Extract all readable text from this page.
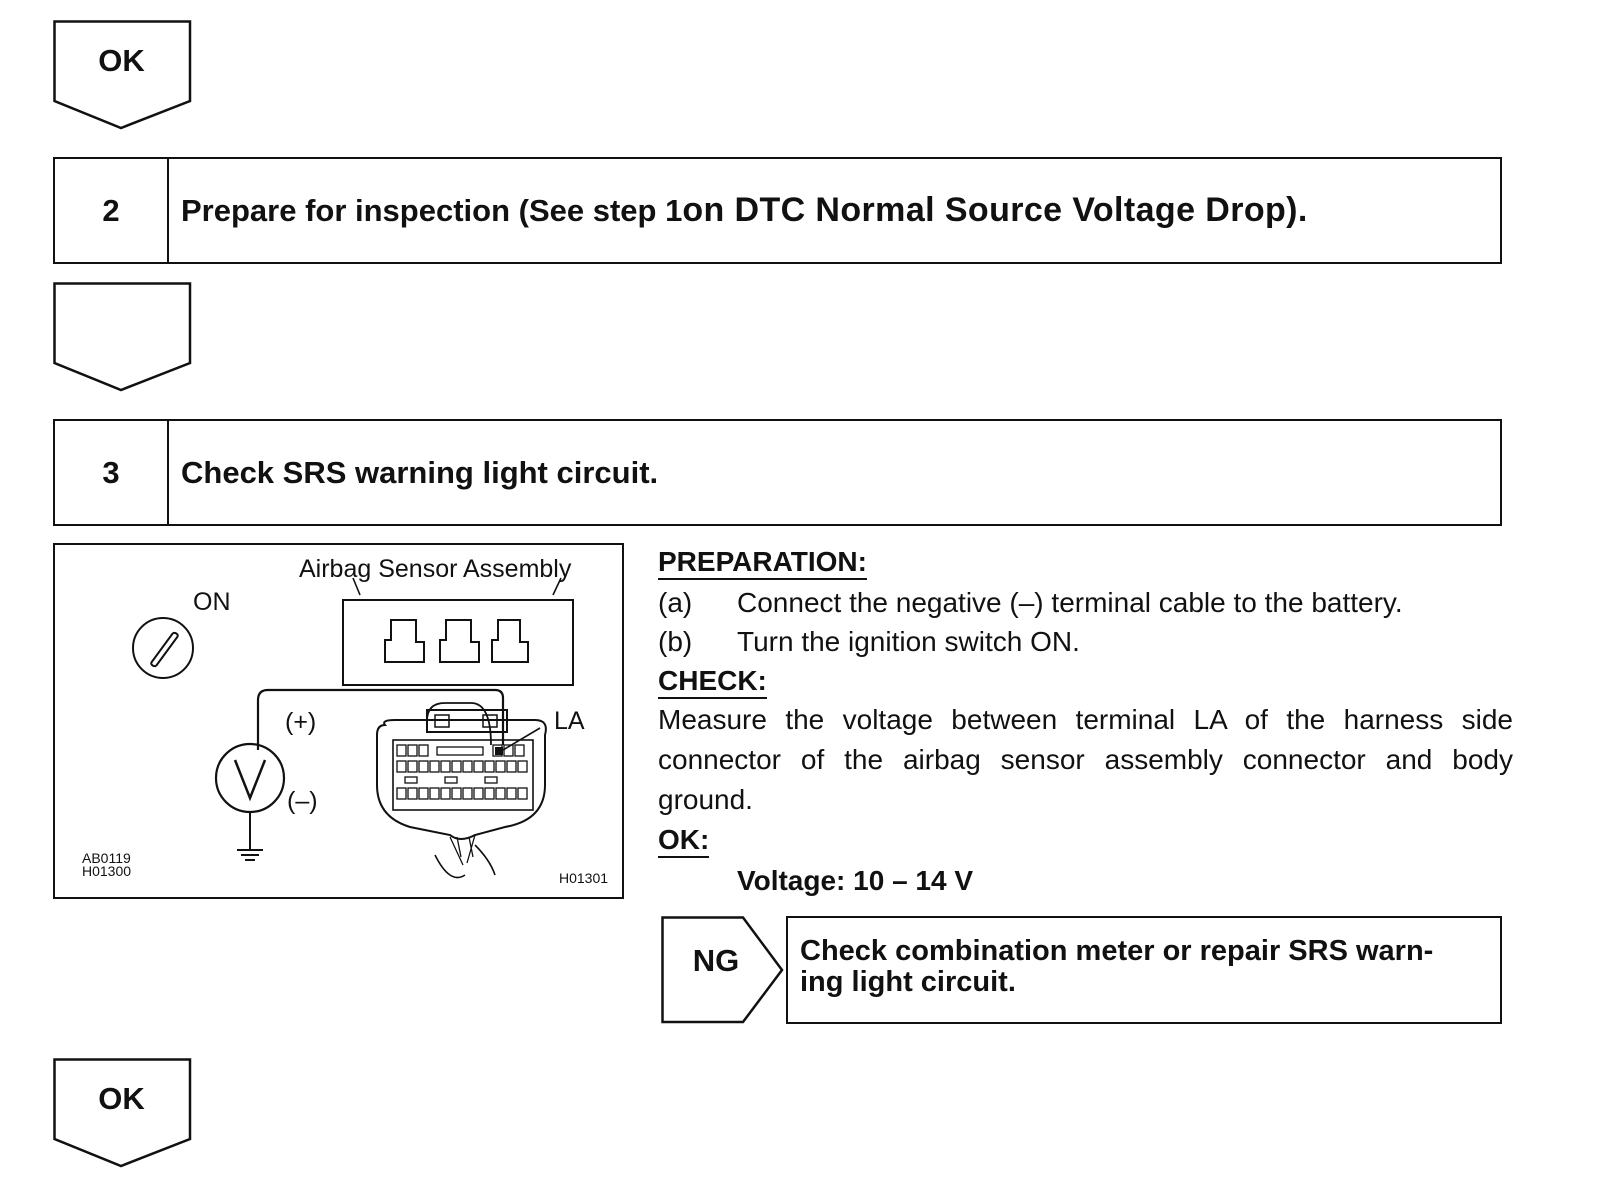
OK
2	Prepare for inspection (See step 1 on DTC Normal Source Voltage Drop).
3	Check SRS warning light circuit.
Airbag Sensor Assembly
ON
(+)
(–)
LA
AB0119
H01300	H01301
PREPARATION:
(a) Connect the negative (–) terminal cable to the battery.
(b) Turn the ignition switch ON.
CHECK:
Measure the voltage between terminal LA of the harness side connector of the airbag sensor assembly connector and body ground.
OK:
Voltage: 10 – 14 V
NG	Check combination meter or repair SRS warn-
ing light circuit.
OK
